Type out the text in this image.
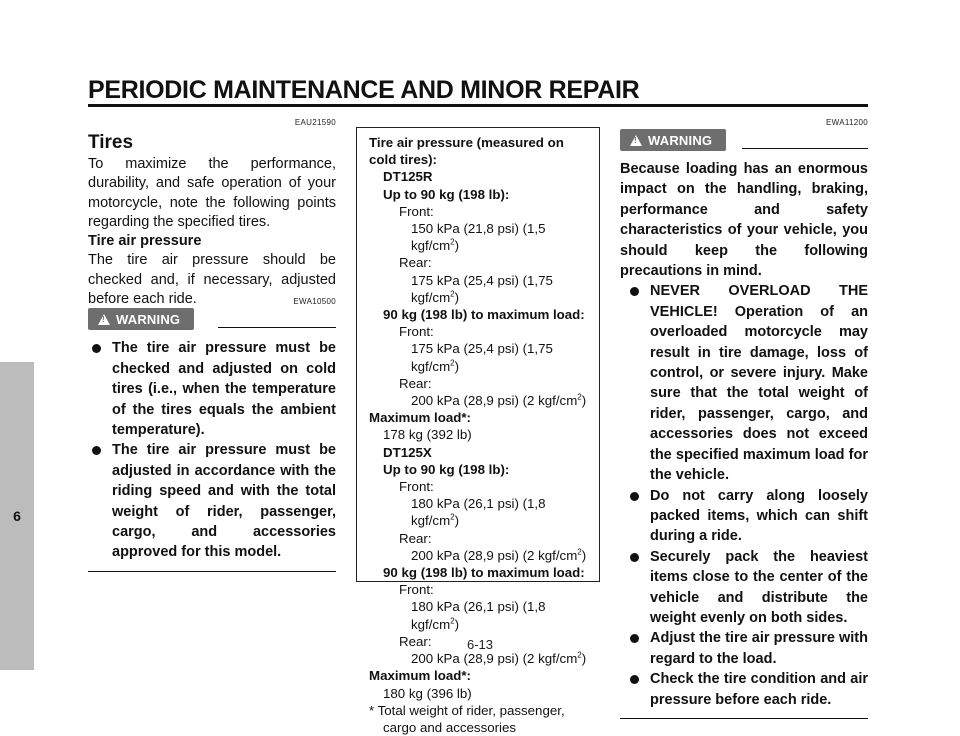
PERIODIC MAINTENANCE AND MINOR REPAIR
6
EAU21590
Tires
To maximize the performance, durability, and safe operation of your motorcycle, note the following points regarding the specified tires.
Tire air pressure
The tire air pressure should be checked and, if necessary, adjusted before each ride.	EWA10500
!
WARNING
The tire air pressure must be checked and adjusted on cold tires (i.e., when the temperature of the tires equals the ambient temperature).
The tire air pressure must be adjusted in accordance with the riding speed and with the total weight of rider, passenger, cargo, and accessories approved for this model.
Tire air pressure (measured on cold tires):
DT125R
Up to 90 kg (198 lb):
Front:
150 kPa (21,8 psi) (1,5 kgf/$cm^2$)
Rear:
175 kPa (25,4 psi) (1,75 kgf/$cm^2$)
90 kg (198 lb) to maximum load:
Front:
175 kPa (25,4 psi) (1,75 kgf/$cm^2$)
Rear:
200 kPa (28,9 psi) (2 kgf/$cm^2$)
Maximum load*:
178 kg (392 lb)
DT125X
Up to 90 kg (198 lb):
Front:
180 kPa (26,1 psi) (1,8 kgf/$cm^2$)
Rear:
200 kPa (28,9 psi) (2 kgf/$cm^2$)
90 kg (198 lb) to maximum load:
Front:
180 kPa (26,1 psi) (1,8 kgf/$cm^2$)
Rear:
200 kPa (28,9 psi) (2 kgf/$cm^2$)
Maximum load*:
180 kg (396 lb)
* Total weight of rider, passenger, cargo and accessories
EWA11200
!
WARNING
Because loading has an enormous impact on the handling, braking, performance and safety characteristics of your vehicle, you should keep the following precautions in mind.
NEVER OVERLOAD THE VEHICLE! Operation of an overloaded motorcycle may result in tire damage, loss of control, or severe injury. Make sure that the total weight of rider, passenger, cargo, and accessories does not exceed the specified maximum load for the vehicle.
Do not carry along loosely packed items, which can shift during a ride.
Securely pack the heaviest items close to the center of the vehicle and distribute the weight evenly on both sides.
Adjust the tire air pressure with regard to the load.
Check the tire condition and air pressure before each ride.
6-13
